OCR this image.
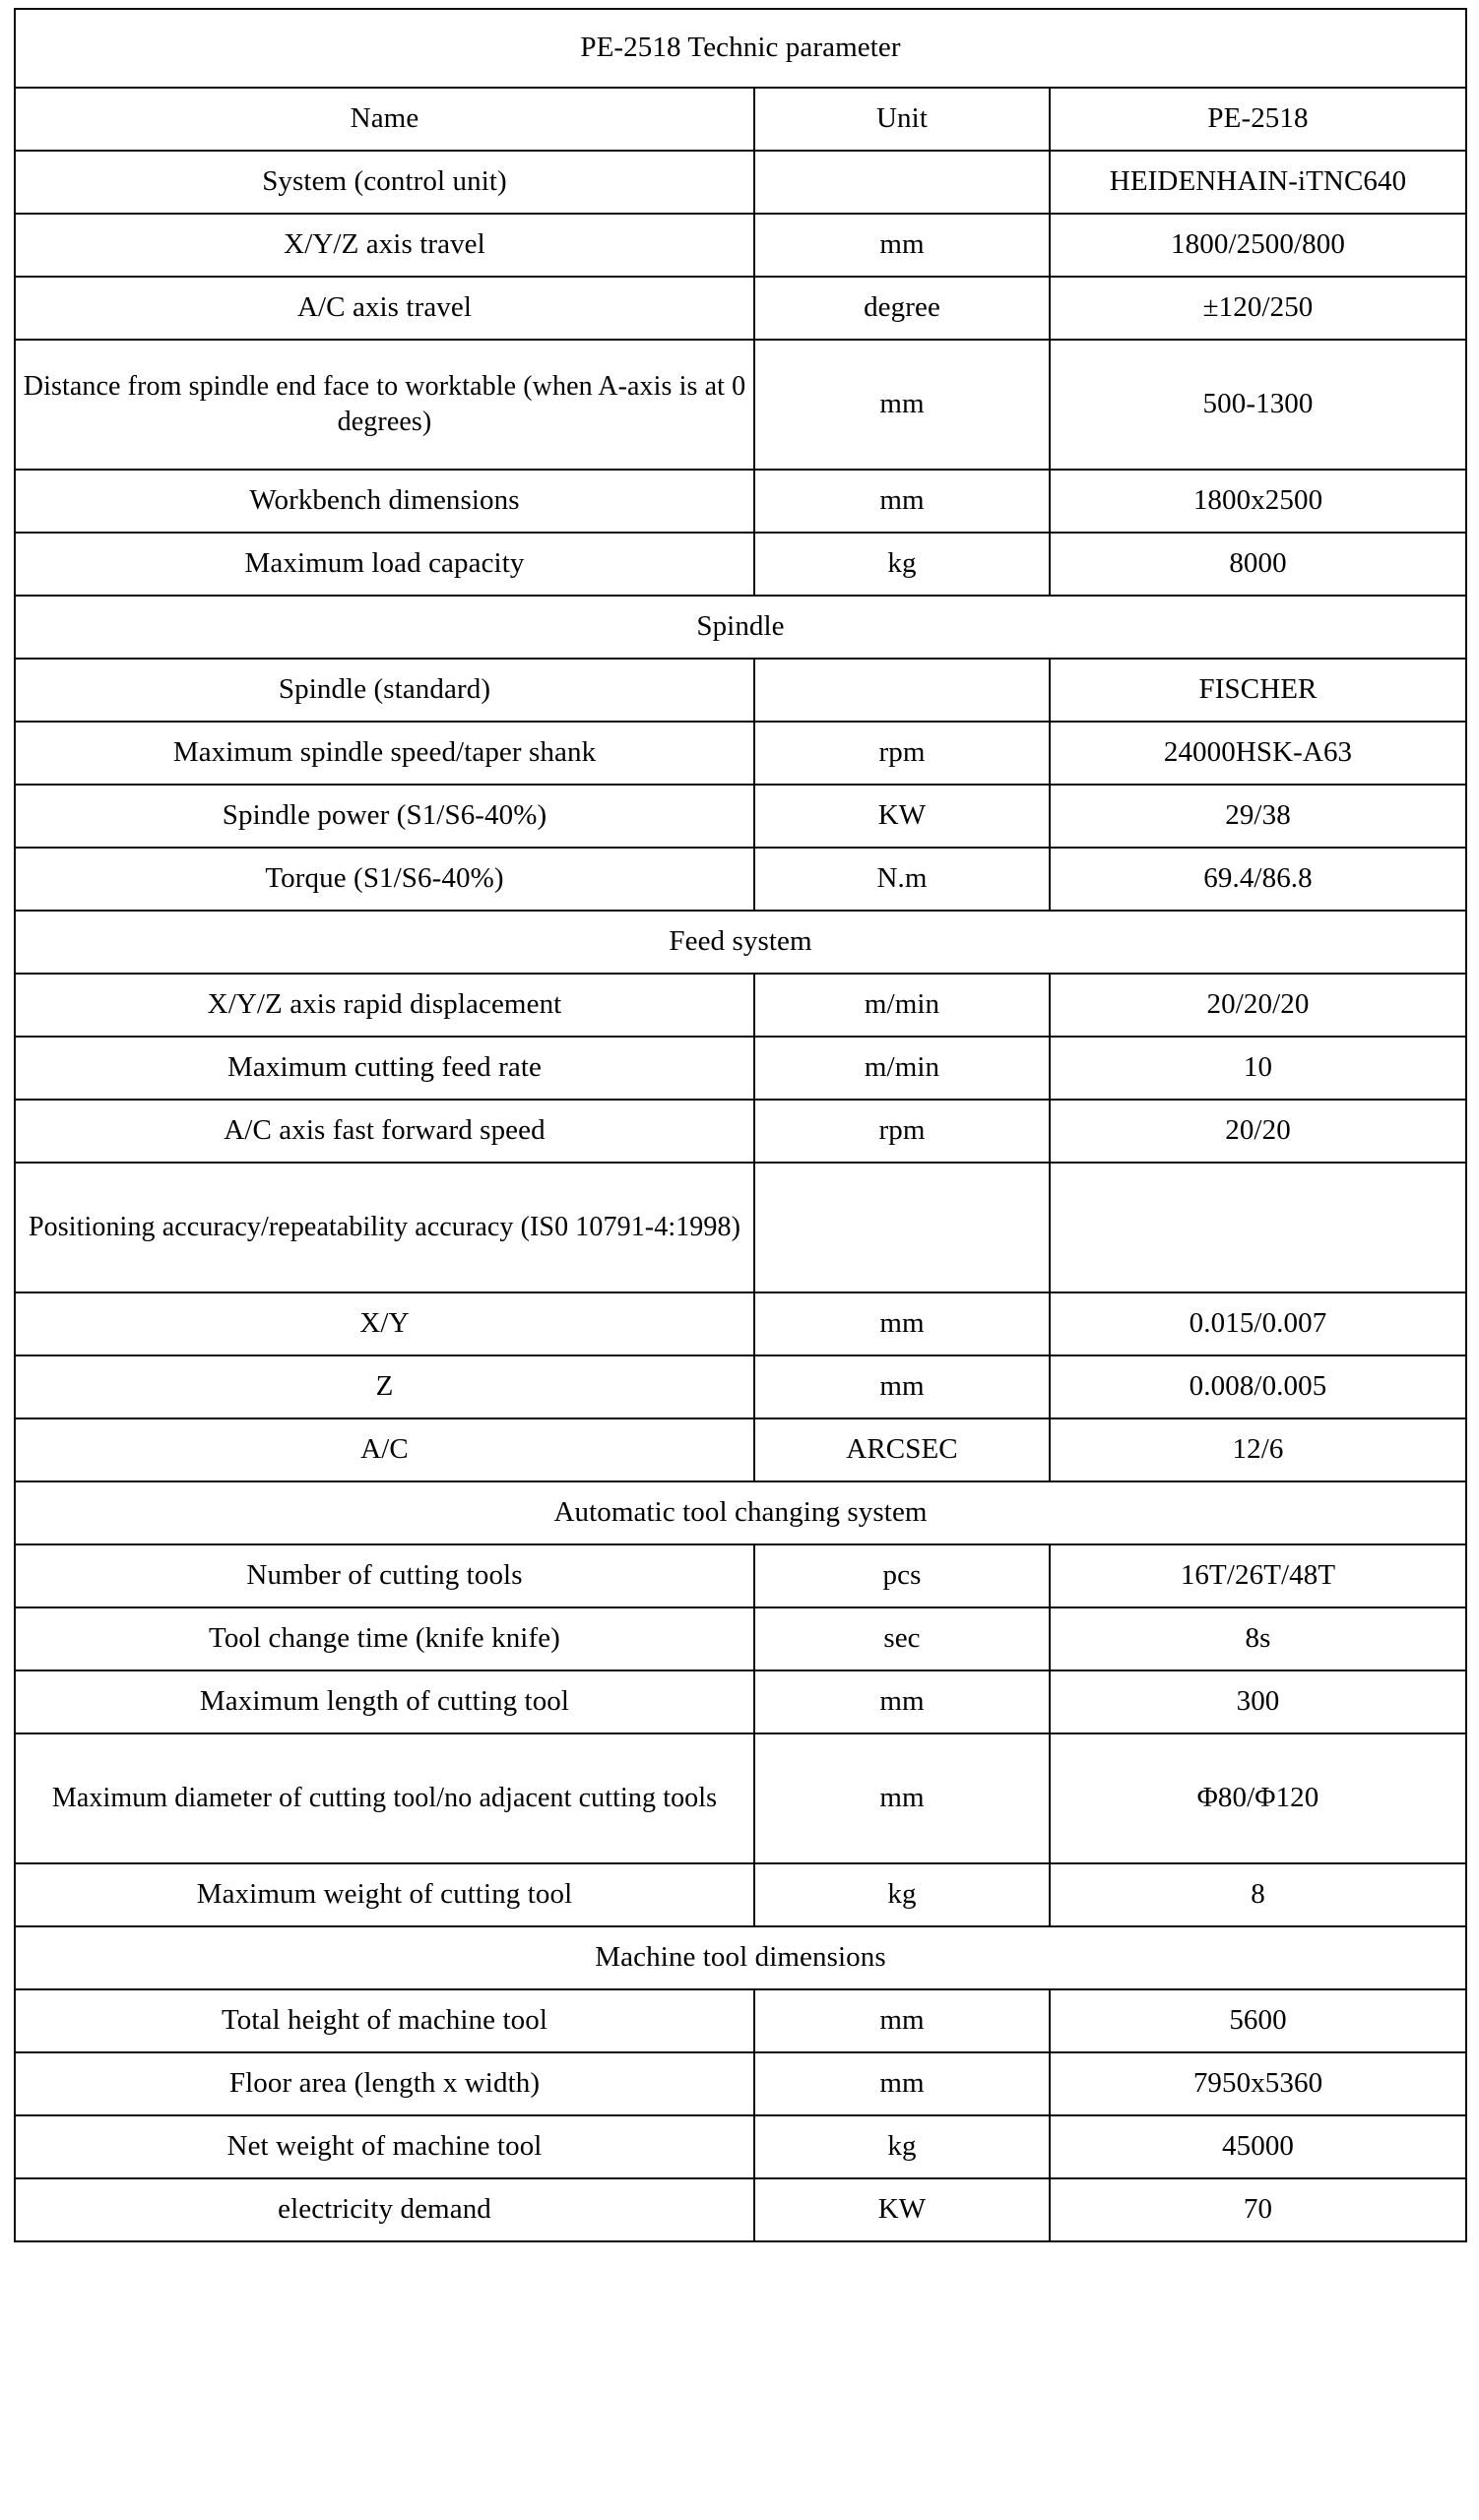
PE-2518 Technic parameter		
Name	Unit	PE-2518
System (control unit)		HEIDENHAIN-iTNC640
X/Y/Z axis travel	mm	1800/2500/800
A/C axis travel	degree	±120/250
Distance from spindle end face to worktable (when A-axis is at 0 degrees)	mm	500-1300
Workbench dimensions	mm	1800x2500
Maximum load capacity	kg	8000
Spindle		
Spindle (standard)		FISCHER
Maximum spindle speed/taper shank	rpm	24000HSK-A63
Spindle power (S1/S6-40%)	KW	29/38
Torque (S1/S6-40%)	N.m	69.4/86.8
Feed system		
X/Y/Z axis rapid displacement	m/min	20/20/20
Maximum cutting feed rate	m/min	10
A/C axis fast forward speed	rpm	20/20
Positioning accuracy/repeatability accuracy (IS0 10791-4:1998)		
X/Y	mm	0.015/0.007
Z	mm	0.008/0.005
A/C	ARCSEC	12/6
Automatic tool changing system		
Number of cutting tools	pcs	16T/26T/48T
Tool change time (knife knife)	sec	8s
Maximum length of cutting tool	mm	300
Maximum diameter of cutting tool/no adjacent cutting tools	mm	Φ80/Φ120
Maximum weight of cutting tool	kg	8
Machine tool dimensions		
Total height of machine tool	mm	5600
Floor area (length x width)	mm	7950x5360
Net weight of machine tool	kg	45000
electricity demand	KW	70
